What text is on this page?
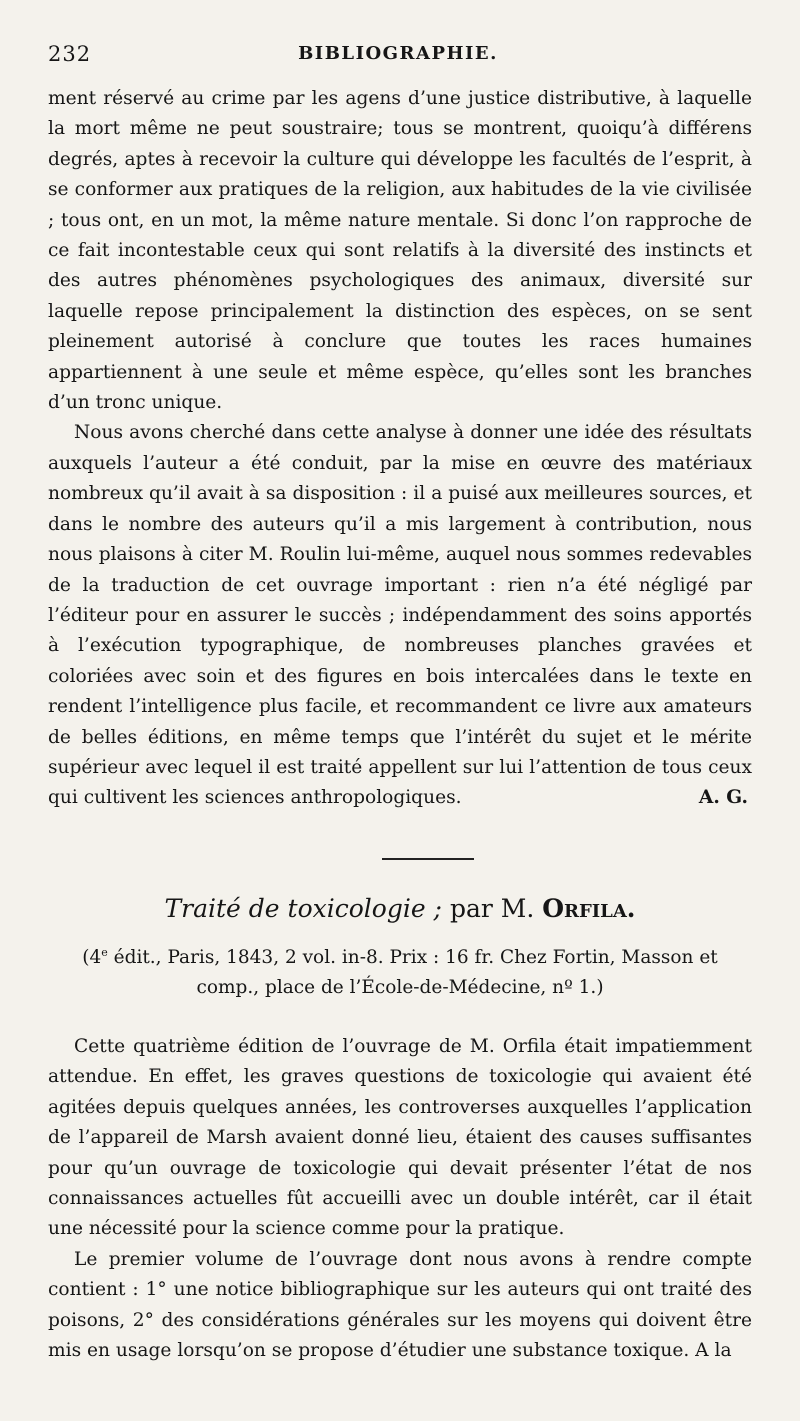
232	BIBLIOGRAPHIE.

ment réservé au crime par les agens d’une justice distributive, à laquelle la mort même ne peut soustraire; tous se montrent, quoiqu’à différens degrés, aptes à recevoir la culture qui développe les facultés de l’esprit, à se conformer aux pratiques de la religion, aux habitudes de la vie civilisée ; tous ont, en un mot, la même nature mentale. Si donc l’on rapproche de ce fait incontestable ceux qui sont relatifs à la diversité des instincts et des autres phénomènes psychologiques des animaux, diversité sur laquelle repose principalement la distinction des espèces, on se sent pleinement autorisé à conclure que toutes les races humaines appartiennent à une seule et même espèce, qu’elles sont les branches d’un tronc unique.

Nous avons cherché dans cette analyse à donner une idée des résultats auxquels l’auteur a été conduit, par la mise en œuvre des matériaux nombreux qu’il avait à sa disposition : il a puisé aux meilleures sources, et dans le nombre des auteurs qu’il a mis largement à contribution, nous nous plaisons à citer M. Roulin lui-même, auquel nous sommes redevables de la traduction de cet ouvrage important : rien n’a été négligé par l’éditeur pour en assurer le succès ; indépendamment des soins apportés à l’exécution typographique, de nombreuses planches gravées et coloriées avec soin et des figures en bois intercalées dans le texte en rendent l’intelligence plus facile, et recommandent ce livre aux amateurs de belles éditions, en même temps que l’intérêt du sujet et le mérite supérieur avec lequel il est traité appellent sur lui l’attention de tous ceux qui cultivent les sciences anthropologiques.	A. G.

Traité de toxicologie ; par M. Orfila.
(4e édit., Paris, 1843, 2 vol. in-8. Prix : 16 fr. Chez Fortin, Masson et comp., place de l’École-de-Médecine, nº 1.)

Cette quatrième édition de l’ouvrage de M. Orfila était impatiemment attendue. En effet, les graves questions de toxicologie qui avaient été agitées depuis quelques années, les controverses auxquelles l’application de l’appareil de Marsh avaient donné lieu, étaient des causes suffisantes pour qu’un ouvrage de toxicologie qui devait présenter l’état de nos connaissances actuelles fût accueilli avec un double intérêt, car il était une nécessité pour la science comme pour la pratique.

Le premier volume de l’ouvrage dont nous avons à rendre compte contient : 1° une notice bibliographique sur les auteurs qui ont traité des poisons, 2° des considérations générales sur les moyens qui doivent être mis en usage lorsqu’on se propose d’étudier une substance toxique. A la
